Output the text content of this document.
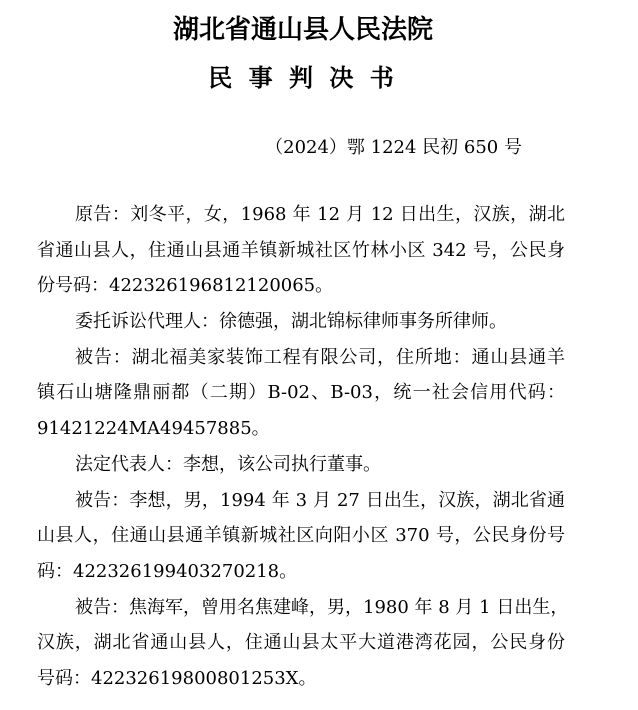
湖北省通山县人民法院
民 事 判 决 书
（2024）鄂 1224 民初 650 号
原告：刘冬平，女，1968 年 12 月 12 日出生，汉族，湖北
省通山县人，住通山县通羊镇新城社区竹林小区 342 号，公民身
份号码：422326196812120065。
委托诉讼代理人：徐德强，湖北锦标律师事务所律师。
被告：湖北福美家装饰工程有限公司，住所地：通山县通羊
镇石山塘隆鼎丽都（二期）B-02、B-03，统一社会信用代码：
91421224MA49457885。
法定代表人：李想，该公司执行董事。
被告：李想，男，1994 年 3 月 27 日出生，汉族，湖北省通
山县人，住通山县通羊镇新城社区向阳小区 370 号，公民身份号
码：422326199403270218。
被告：焦海军，曾用名焦建峰，男，1980 年 8 月 1 日出生，
汉族，湖北省通山县人，住通山县太平大道港湾花园，公民身份
号码：42232619800801253X。
